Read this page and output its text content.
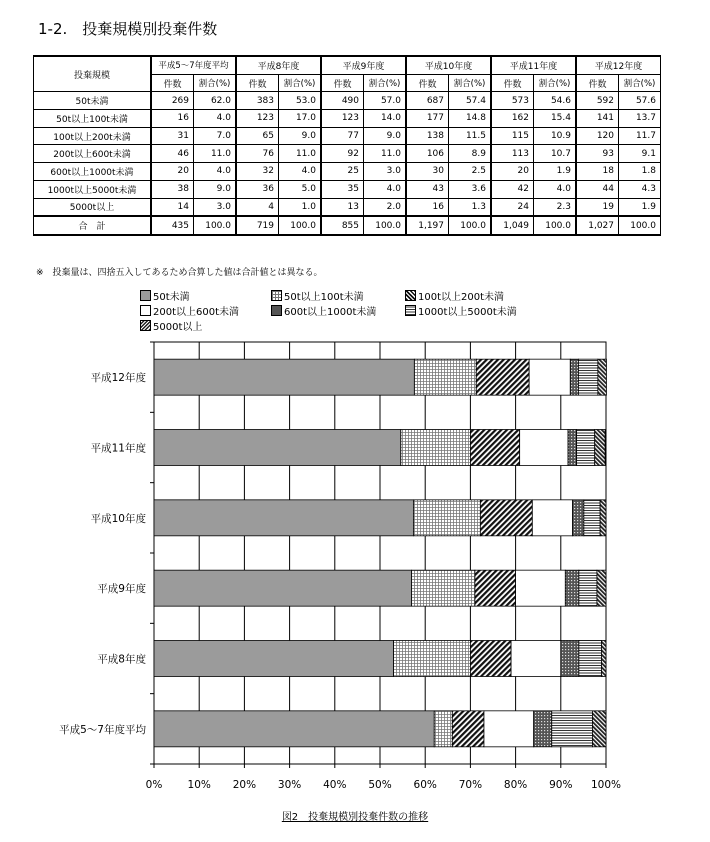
1-2.　投棄規模別投棄件数
投棄規模	平成5～7年度平均		平成8年度		平成9年度		平成10年度		平成11年度		平成12年度	
	件数	割合(%)	件数	割合(%)	件数	割合(%)	件数	割合(%)	件数	割合(%)	件数	割合(%)
50t未満	269	62.0	383	53.0	490	57.0	687	57.4	573	54.6	592	57.6
50t以上100t未満	16	4.0	123	17.0	123	14.0	177	14.8	162	15.4	141	13.7
100t以上200t未満	31	7.0	65	9.0	77	9.0	138	11.5	115	10.9	120	11.7
200t以上600t未満	46	11.0	76	11.0	92	11.0	106	8.9	113	10.7	93	9.1
600t以上1000t未満	20	4.0	32	4.0	25	3.0	30	2.5	20	1.9	18	1.8
1000t以上5000t未満	38	9.0	36	5.0	35	4.0	43	3.6	42	4.0	44	4.3
5000t以上	14	3.0	4	1.0	13	2.0	16	1.3	24	2.3	19	1.9
合　計	435	100.0	719	100.0	855	100.0	1,197	100.0	1,049	100.0	1,027	100.0
※　投棄量は、四捨五入してあるため合算した値は合計値とは異なる。
50t未満	50t以上100t未満	100t以上200t未満
200t以上600t未満	600t以上1000t未満	1000t以上5000t未満
5000t以上
平成12年度
平成11年度
平成10年度
平成9年度
平成8年度
平成5～7年度平均
0% 10% 20% 30% 40% 50% 60% 70% 80% 90% 100%
図2　投棄規模別投棄件数の推移
